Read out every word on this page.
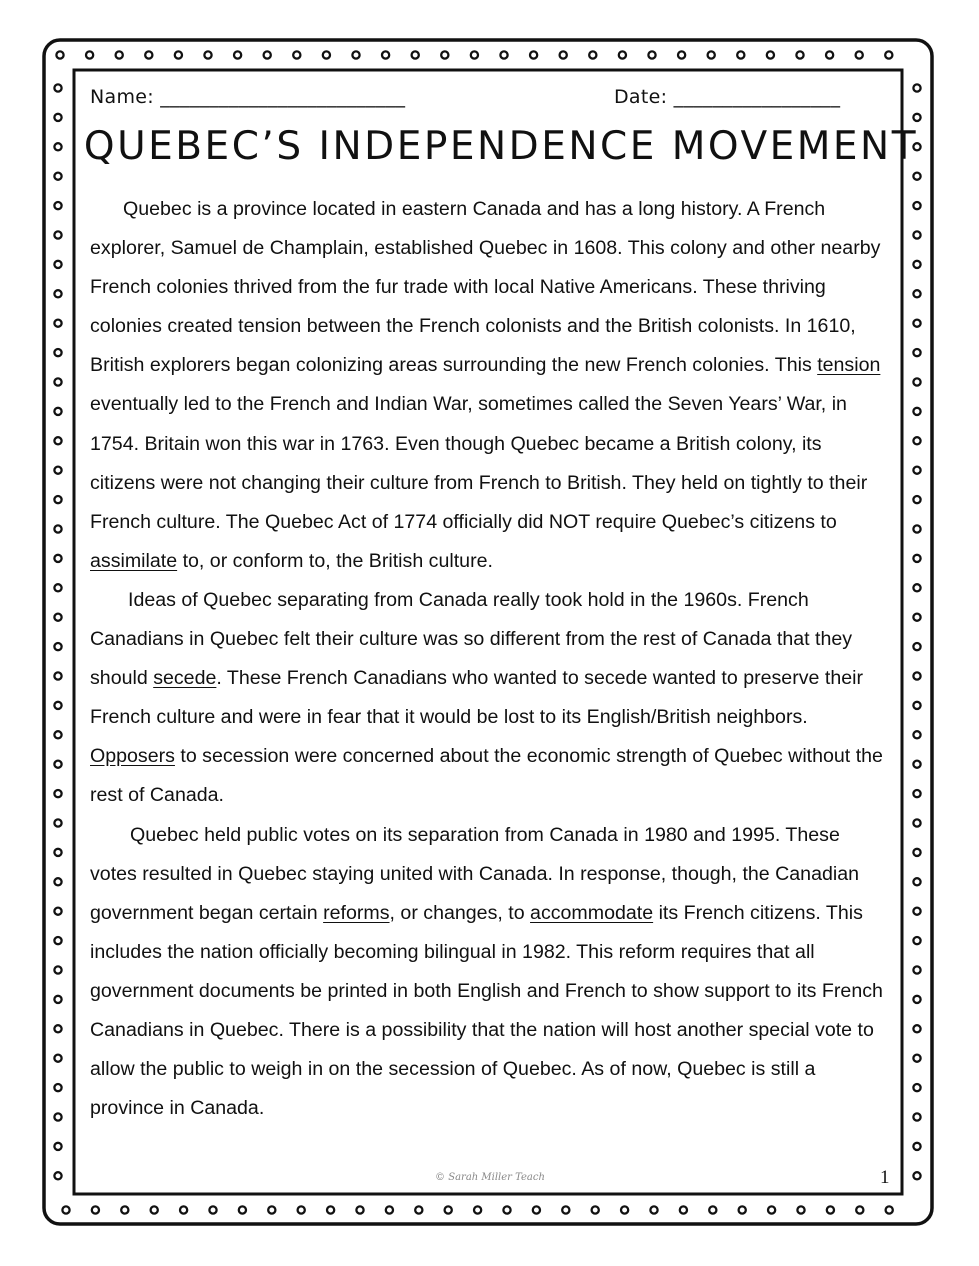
Name: _________________________	Date: _________________
QUEBEC’S INDEPENDENCE MOVEMENT

Quebec is a province located in eastern Canada and has a long history. A French explorer, Samuel de Champlain, established Quebec in 1608. This colony and other nearby French colonies thrived from the fur trade with local Native Americans. These thriving colonies created tension between the French colonists and the British colonists. In 1610, British explorers began colonizing areas surrounding the new French colonies. This tension eventually led to the French and Indian War, sometimes called the Seven Years’ War, in 1754. Britain won this war in 1763. Even though Quebec became a British colony, its citizens were not changing their culture from French to British. They held on tightly to their French culture. The Quebec Act of 1774 officially did NOT require Quebec’s citizens to assimilate to, or conform to, the British culture.

Ideas of Quebec separating from Canada really took hold in the 1960s. French Canadians in Quebec felt their culture was so different from the rest of Canada that they should secede. These French Canadians who wanted to secede wanted to preserve their French culture and were in fear that it would be lost to its English/British neighbors. Opposers to secession were concerned about the economic strength of Quebec without the rest of Canada.

Quebec held public votes on its separation from Canada in 1980 and 1995. These votes resulted in Quebec staying united with Canada. In response, though, the Canadian government began certain reforms, or changes, to accommodate its French citizens. This includes the nation officially becoming bilingual in 1982. This reform requires that all government documents be printed in both English and French to show support to its French Canadians in Quebec. There is a possibility that the nation will host another special vote to allow the public to weigh in on the secession of Quebec. As of now, Quebec is still a province in Canada.

© Sarah Miller Teach	1
